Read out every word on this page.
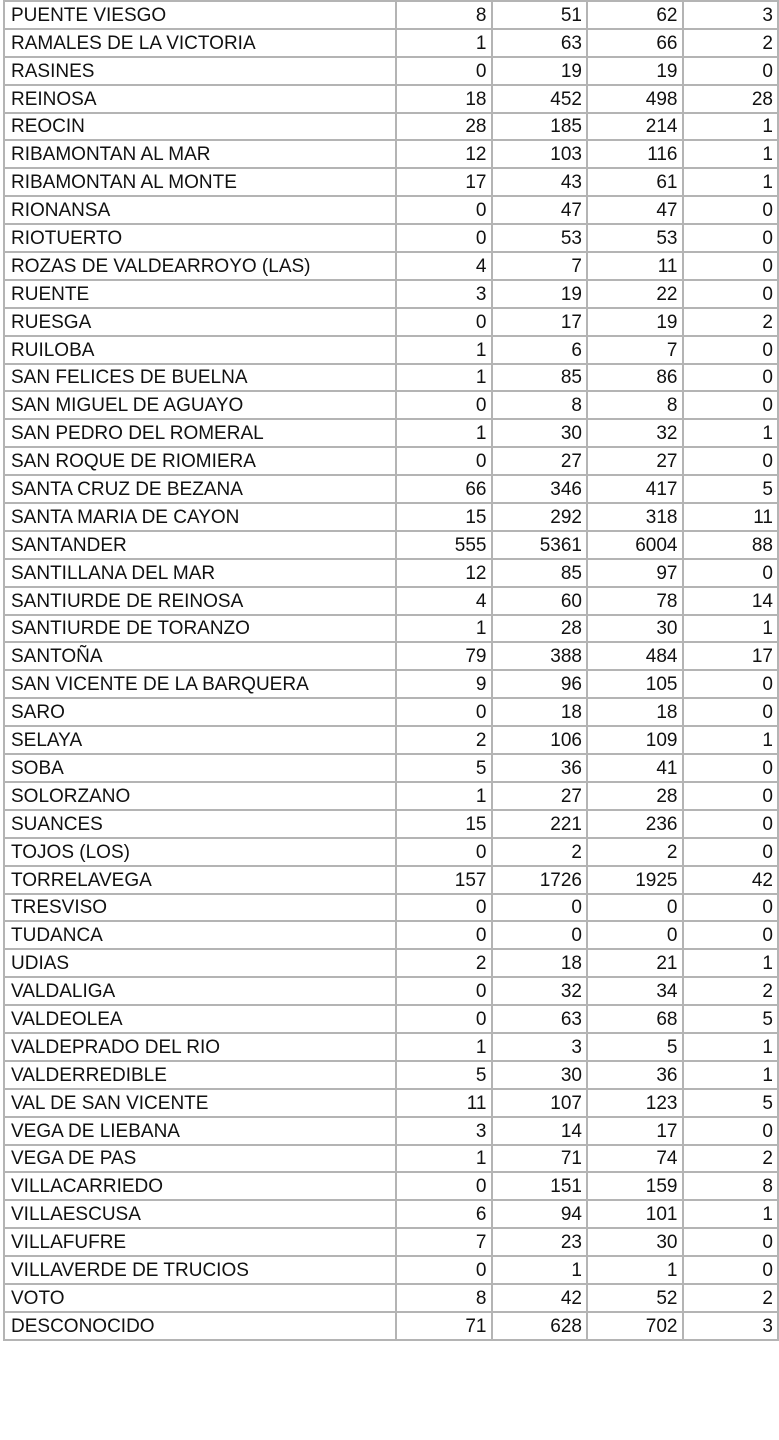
PUENTE VIESGO	8	51	62	3
RAMALES DE LA VICTORIA	1	63	66	2
RASINES	0	19	19	0
REINOSA	18	452	498	28
REOCIN	28	185	214	1
RIBAMONTAN AL MAR	12	103	116	1
RIBAMONTAN AL MONTE	17	43	61	1
RIONANSA	0	47	47	0
RIOTUERTO	0	53	53	0
ROZAS DE VALDEARROYO (LAS)	4	7	11	0
RUENTE	3	19	22	0
RUESGA	0	17	19	2
RUILOBA	1	6	7	0
SAN FELICES DE BUELNA	1	85	86	0
SAN MIGUEL DE AGUAYO	0	8	8	0
SAN PEDRO DEL ROMERAL	1	30	32	1
SAN ROQUE DE RIOMIERA	0	27	27	0
SANTA CRUZ DE BEZANA	66	346	417	5
SANTA MARIA DE CAYON	15	292	318	11
SANTANDER	555	5361	6004	88
SANTILLANA DEL MAR	12	85	97	0
SANTIURDE DE REINOSA	4	60	78	14
SANTIURDE DE TORANZO	1	28	30	1
SANTOÑA	79	388	484	17
SAN VICENTE DE LA BARQUERA	9	96	105	0
SARO	0	18	18	0
SELAYA	2	106	109	1
SOBA	5	36	41	0
SOLORZANO	1	27	28	0
SUANCES	15	221	236	0
TOJOS (LOS)	0	2	2	0
TORRELAVEGA	157	1726	1925	42
TRESVISO	0	0	0	0
TUDANCA	0	0	0	0
UDIAS	2	18	21	1
VALDALIGA	0	32	34	2
VALDEOLEA	0	63	68	5
VALDEPRADO DEL RIO	1	3	5	1
VALDERREDIBLE	5	30	36	1
VAL DE SAN VICENTE	11	107	123	5
VEGA DE LIEBANA	3	14	17	0
VEGA DE PAS	1	71	74	2
VILLACARRIEDO	0	151	159	8
VILLAESCUSA	6	94	101	1
VILLAFUFRE	7	23	30	0
VILLAVERDE DE TRUCIOS	0	1	1	0
VOTO	8	42	52	2
DESCONOCIDO	71	628	702	3
